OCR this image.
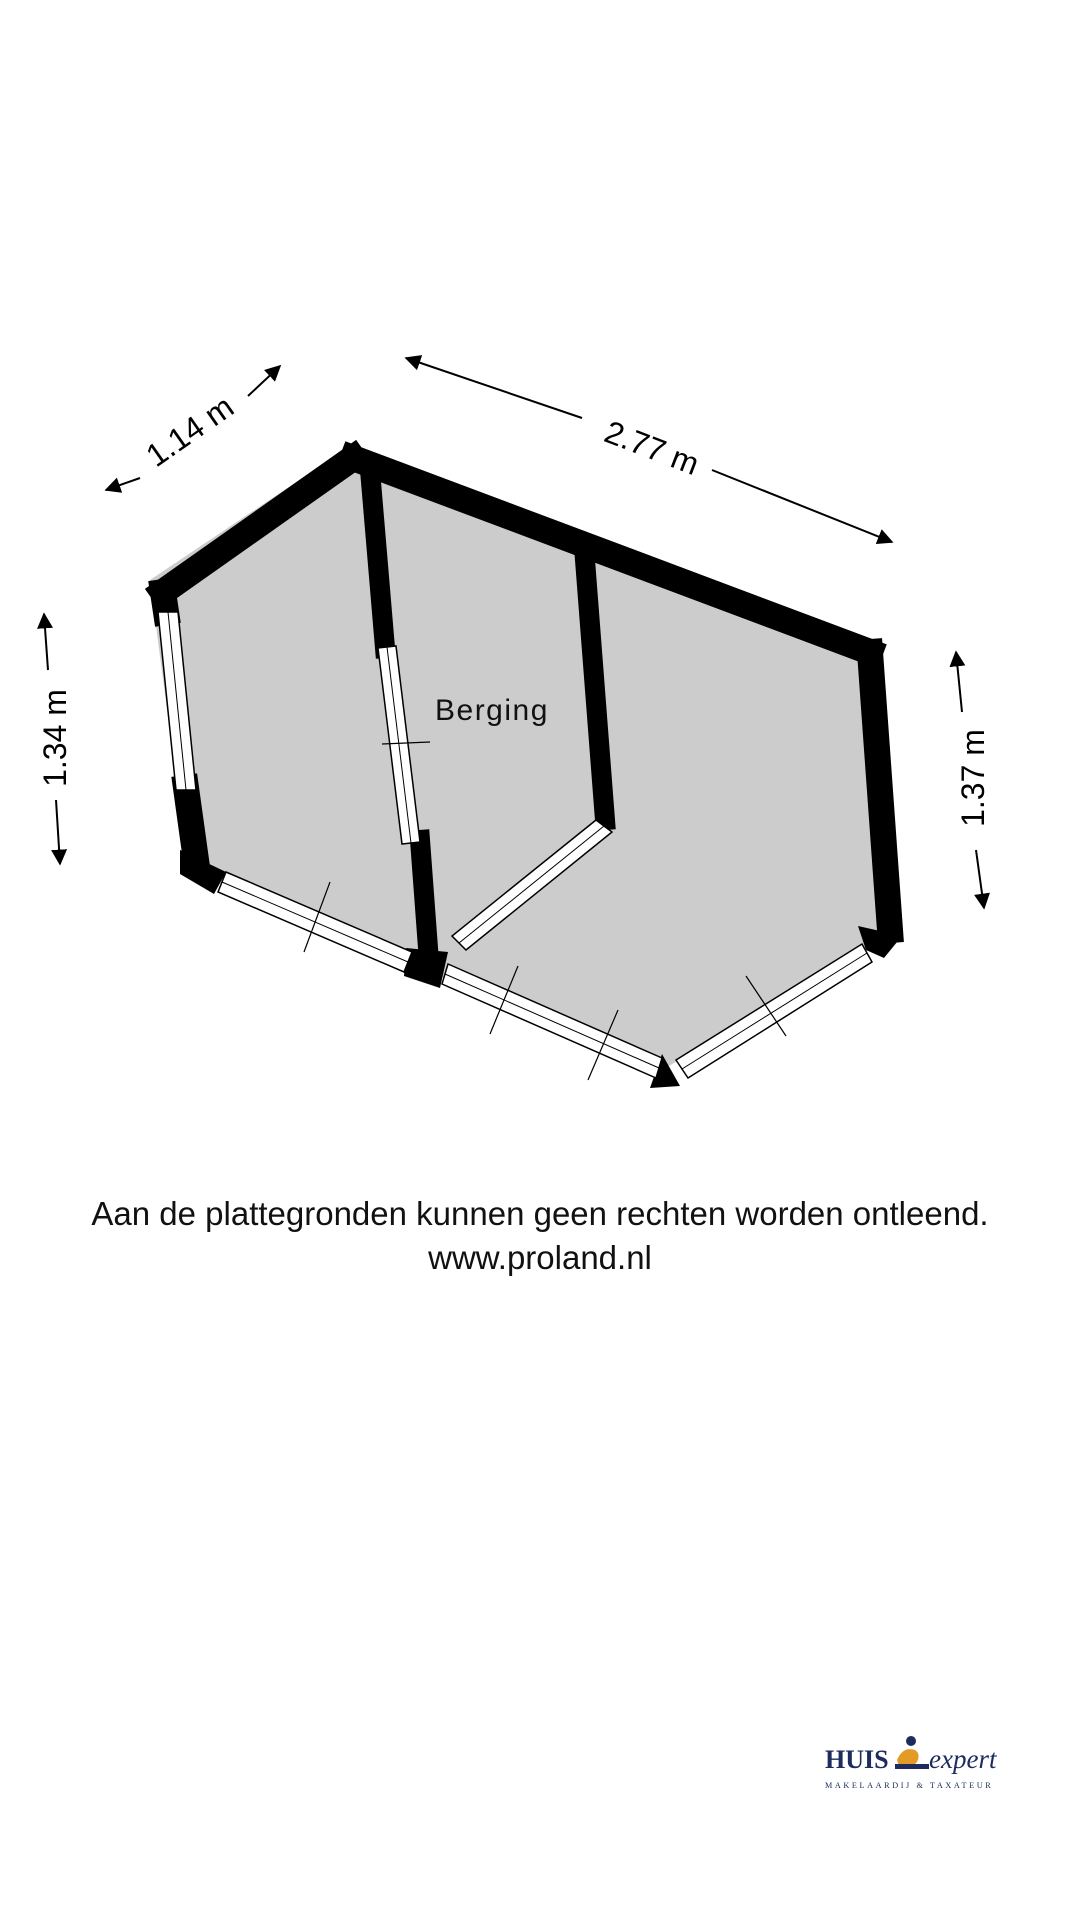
Berging
1.14 m	2.77 m
1.34 m	1.37 m
Aan de plattegronden kunnen geen rechten worden ontleend.
www.proland.nl
HUIS expert
MAKELAARDIJ & TAXATEUR
